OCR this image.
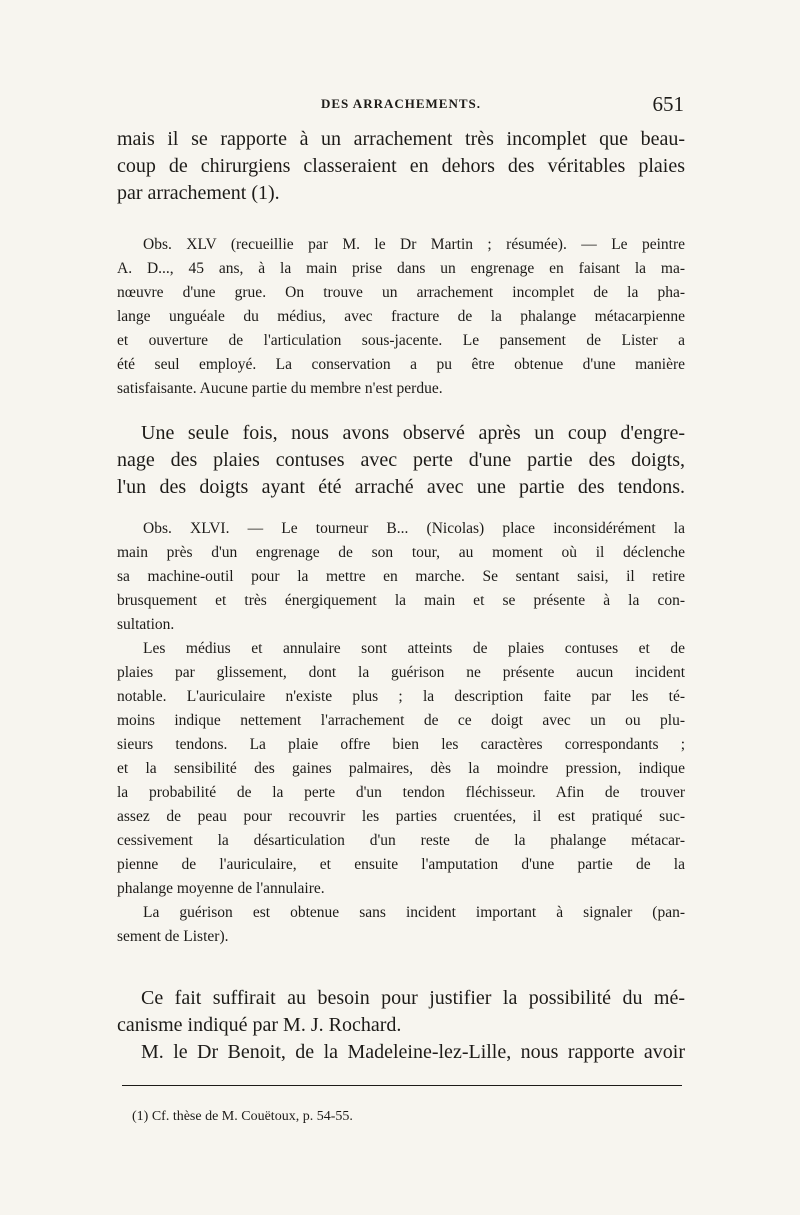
DES ARRACHEMENTS.	651
mais il se rapporte à un arrachement très incomplet que beau-
coup de chirurgiens classeraient en dehors des véritables plaies
par arrachement (1).
Obs. XLV (recueillie par M. le Dr Martin ; résumée). — Le peintre
A. D..., 45 ans, à la main prise dans un engrenage en faisant la ma-
nœuvre d'une grue. On trouve un arrachement incomplet de la pha-
lange unguéale du médius, avec fracture de la phalange métacarpienne
et ouverture de l'articulation sous-jacente. Le pansement de Lister a
été seul employé. La conservation a pu être obtenue d'une manière
satisfaisante. Aucune partie du membre n'est perdue.
Une seule fois, nous avons observé après un coup d'engre-
nage des plaies contuses avec perte d'une partie des doigts,
l'un des doigts ayant été arraché avec une partie des tendons.
Obs. XLVI. — Le tourneur B... (Nicolas) place inconsidérément la
main près d'un engrenage de son tour, au moment où il déclenche
sa machine-outil pour la mettre en marche. Se sentant saisi, il retire
brusquement et très énergiquement la main et se présente à la con-
sultation.
Les médius et annulaire sont atteints de plaies contuses et de
plaies par glissement, dont la guérison ne présente aucun incident
notable. L'auriculaire n'existe plus ; la description faite par les té-
moins indique nettement l'arrachement de ce doigt avec un ou plu-
sieurs tendons. La plaie offre bien les caractères correspondants ;
et la sensibilité des gaines palmaires, dès la moindre pression, indique
la probabilité de la perte d'un tendon fléchisseur. Afin de trouver
assez de peau pour recouvrir les parties cruentées, il est pratiqué suc-
cessivement la désarticulation d'un reste de la phalange métacar-
pienne de l'auriculaire, et ensuite l'amputation d'une partie de la
phalange moyenne de l'annulaire.
La guérison est obtenue sans incident important à signaler (pan-
sement de Lister).
Ce fait suffirait au besoin pour justifier la possibilité du mé-
canisme indiqué par M. J. Rochard.
M. le Dr Benoit, de la Madeleine-lez-Lille, nous rapporte avoir
(1) Cf. thèse de M. Couëtoux, p. 54-55.
